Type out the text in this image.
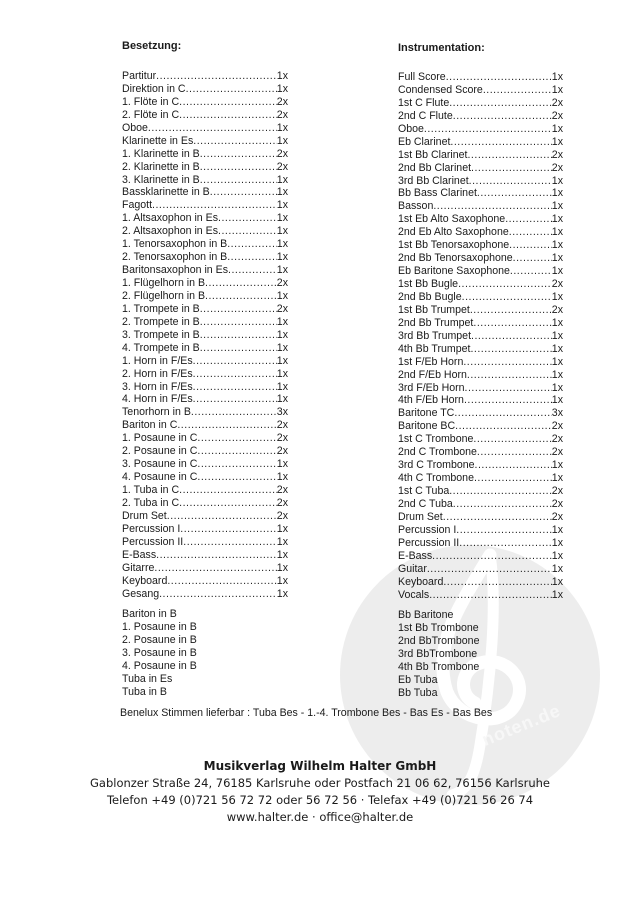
noten.de
Besetzung:
Partitur .....	1x
Direktion in C .....	1x
1. Flöte in C .....	2x
2. Flöte in C .....	2x
Oboe .....	1x
Klarinette in Es .....	1x
1. Klarinette in B .....	2x
2. Klarinette in B .....	2x
3. Klarinette in B .....	1x
Bassklarinette in B .....	1x
Fagott .....	1x
1. Altsaxophon in Es .....	1x
2. Altsaxophon in Es .....	1x
1. Tenorsaxophon in B .....	1x
2. Tenorsaxophon in B .....	1x
Baritonsaxophon in Es .....	1x
1. Flügelhorn in B .....	2x
2. Flügelhorn in B .....	1x
1. Trompete in B .....	2x
2. Trompete in B .....	1x
3. Trompete in B .....	1x
4. Trompete in B .....	1x
1. Horn in F/Es .....	1x
2. Horn in F/Es .....	1x
3. Horn in F/Es .....	1x
4. Horn in F/Es .....	1x
Tenorhorn in B .....	3x
Bariton in C .....	2x
1. Posaune in C .....	2x
2. Posaune in C .....	2x
3. Posaune in C .....	1x
4. Posaune in C .....	1x
1. Tuba in C .....	2x
2. Tuba in C .....	2x
Drum Set .....	2x
Percussion I .....	1x
Percussion II .....	1x
E-Bass .....	1x
Gitarre .....	1x
Keyboard .....	1x
Gesang .....	1x
Bariton in B
1. Posaune in B
2. Posaune in B
3. Posaune in B
4. Posaune in B
Tuba in Es
Tuba in B
Instrumentation:
Full Score .....	1x
Condensed Score .....	1x
1st C Flute .....	2x
2nd C Flute .....	2x
Oboe .....	1x
Eb Clarinet .....	1x
1st Bb Clarinet .....	2x
2nd Bb Clarinet .....	2x
3rd Bb Clarinet .....	1x
Bb Bass Clarinet .....	1x
Basson .....	1x
1st Eb Alto Saxophone .....	1x
2nd Eb Alto Saxophone .....	1x
1st Bb Tenorsaxophone .....	1x
2nd Bb Tenorsaxophone .....	1x
Eb Baritone Saxophone .....	1x
1st Bb Bugle .....	2x
2nd Bb Bugle .....	1x
1st Bb Trumpet .....	2x
2nd Bb Trumpet .....	1x
3rd Bb Trumpet .....	1x
4th Bb Trumpet .....	1x
1st F/Eb Horn .....	1x
2nd F/Eb Horn .....	1x
3rd F/Eb Horn .....	1x
4th F/Eb Horn .....	1x
Baritone TC .....	3x
Baritone BC .....	2x
1st C Trombone .....	2x
2nd C Trombone .....	2x
3rd C Trombone .....	1x
4th C Trombone .....	1x
1st C Tuba .....	2x
2nd C Tuba .....	2x
Drum Set .....	2x
Percussion I .....	1x
Percussion II .....	1x
E-Bass .....	1x
Guitar .....	1x
Keyboard .....	1x
Vocals .....	1x
Bb Baritone
1st Bb Trombone
2nd BbTrombone
3rd BbTrombone
4th Bb Trombone
Eb Tuba
Bb Tuba
Benelux Stimmen lieferbar : Tuba Bes - 1.-4. Trombone Bes - Bas Es - Bas Bes
Musikverlag Wilhelm Halter GmbH
Gablonzer Straße 24, 76185 Karlsruhe oder Postfach 21 06 62, 76156 Karlsruhe
Telefon +49 (0)721 56 72 72 oder 56 72 56 · Telefax +49 (0)721 56 26 74
www.halter.de · office@halter.de
